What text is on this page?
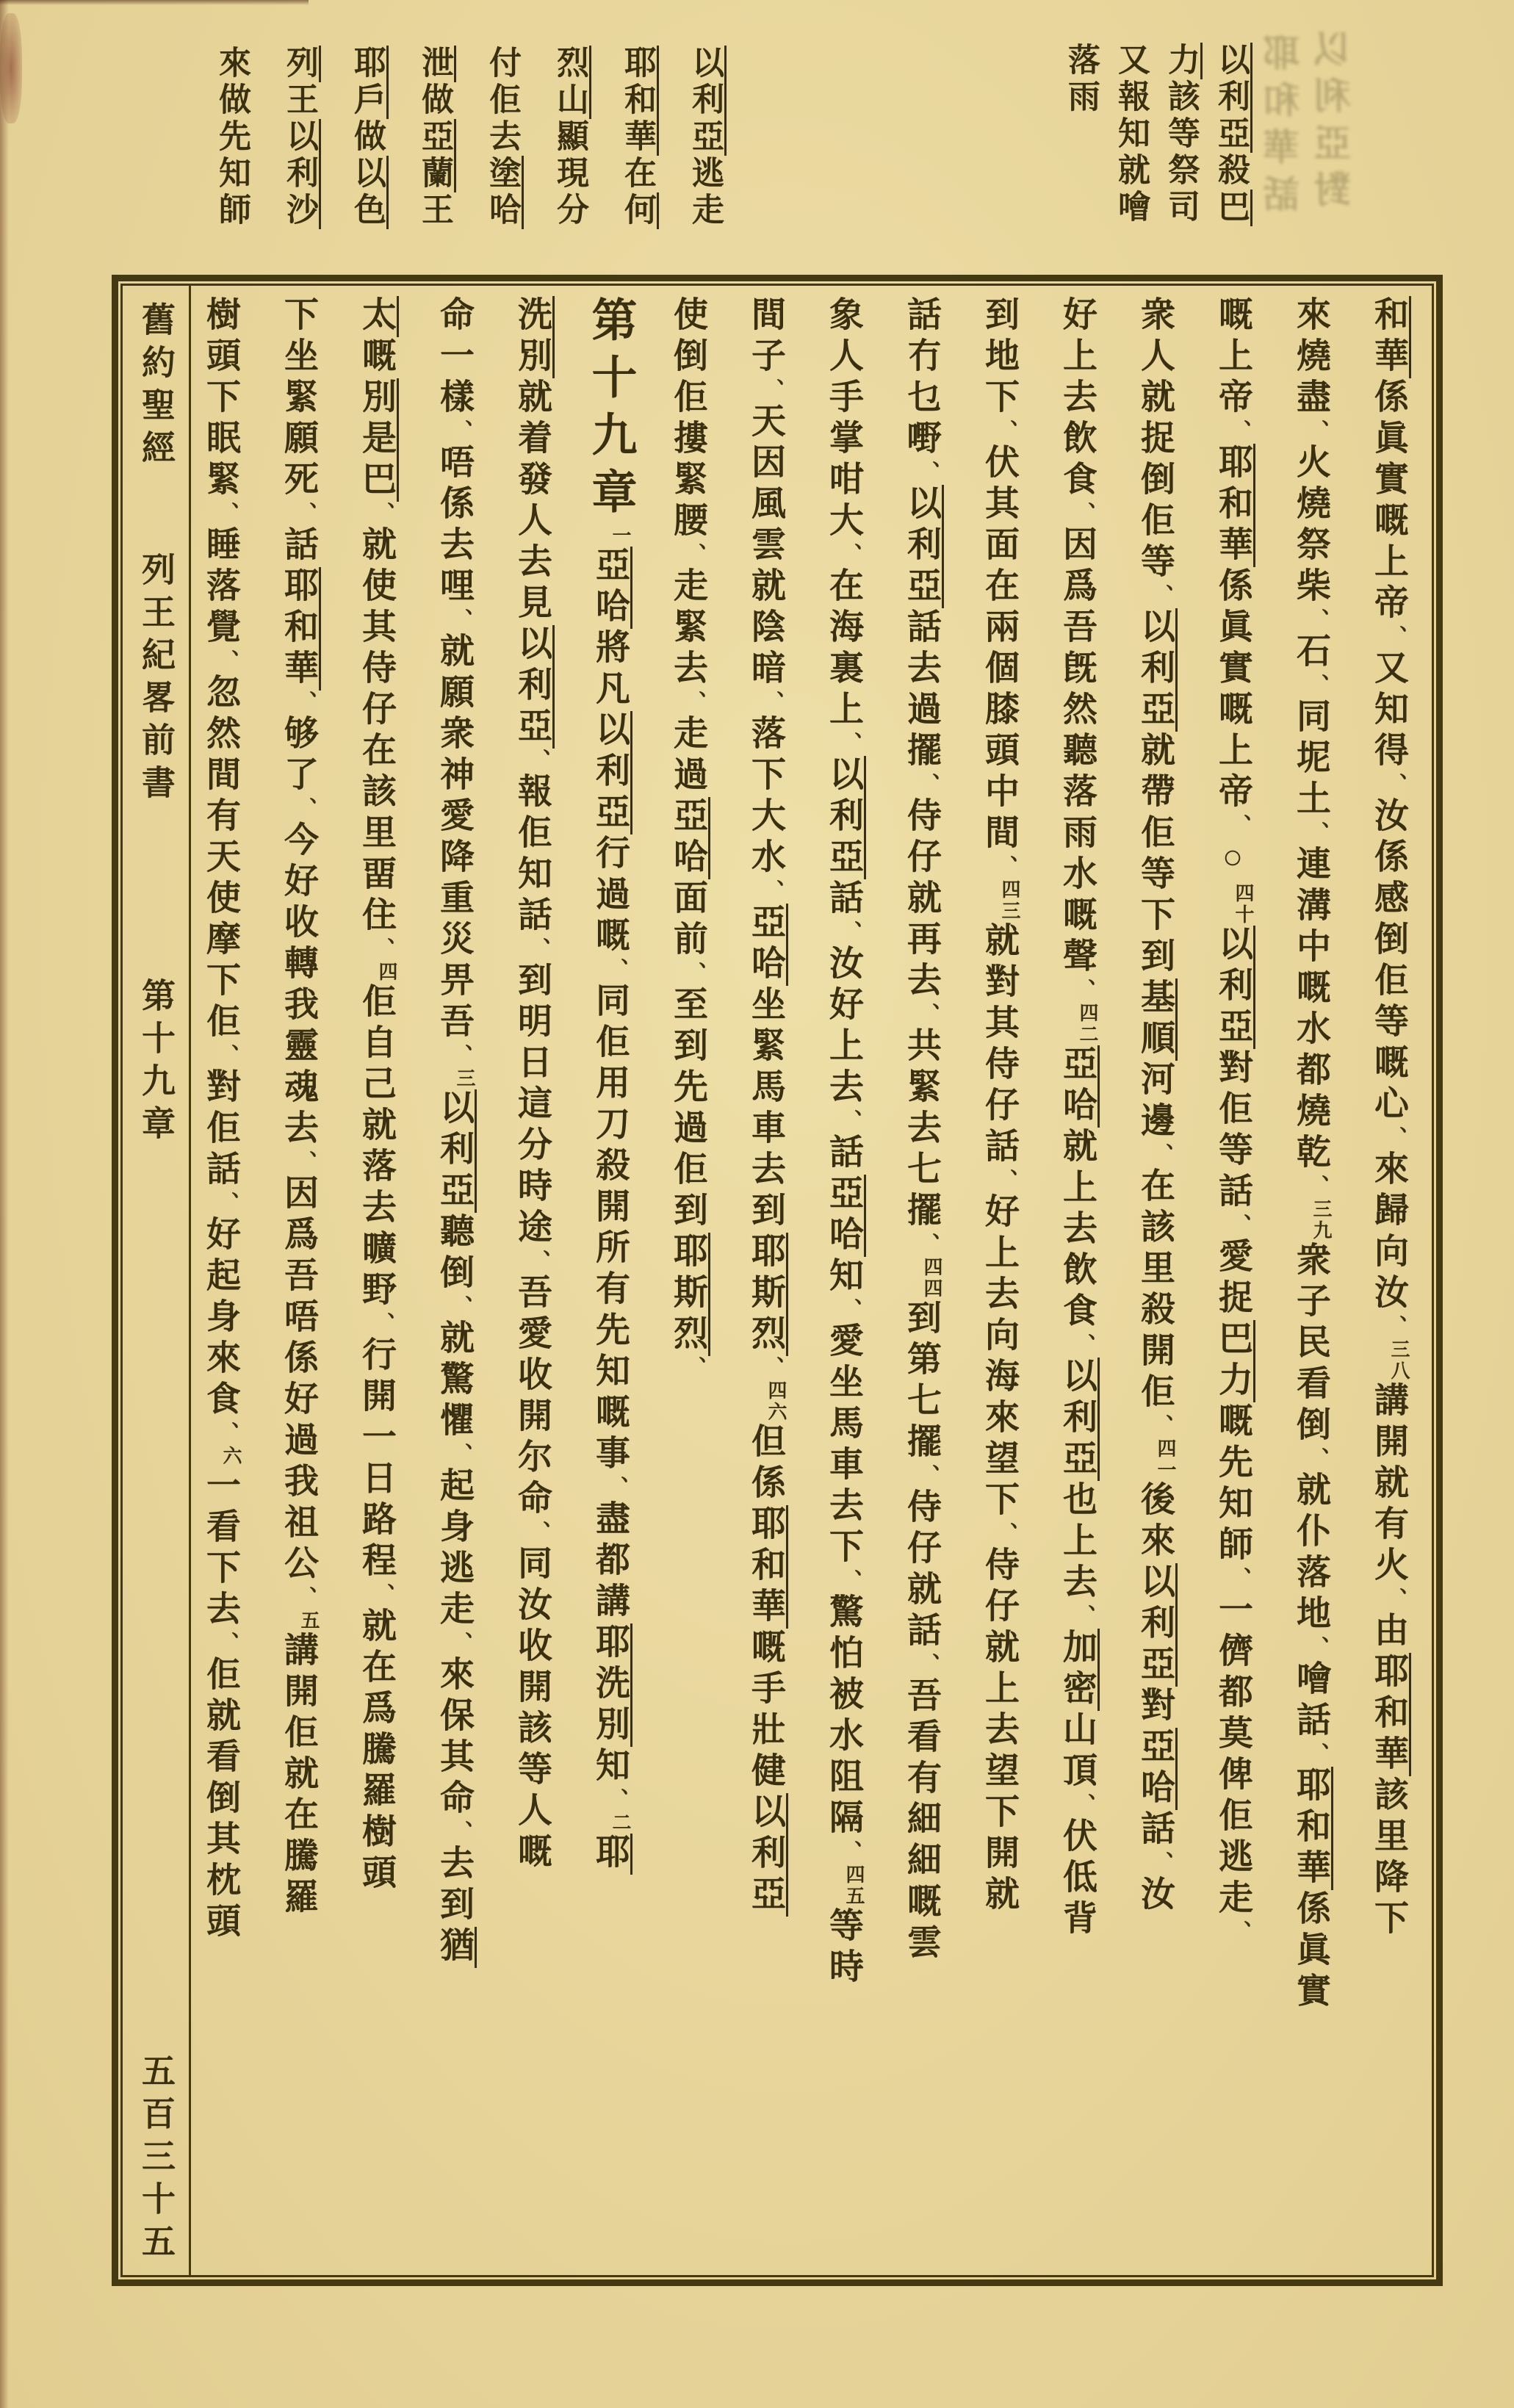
以利亞殺巴
力該等祭司
又報知就噲
落雨
以利亞逃走
耶和華在何
烈山顯現分
付佢去塗哈
泄做亞蘭王
耶戶做以色
列王以利沙
來做先知師	以利亞對
耶和華話
和華係眞實嘅上帝、又知得、汝係感倒佢等嘅心、來歸向汝、三八講開就有火、由耶和華該里降下
來燒盡、火燒祭柴、石、同坭土、連溝中嘅水都燒乾、三九衆子民看倒、就仆落地、噲話、耶和華係眞實
嘅上帝、耶和華係眞實嘅上帝、○四十以利亞對佢等話、愛捉巴力嘅先知師、一儕都莫俾佢逃走、
衆人就捉倒佢等、以利亞就帶佢等下到基順河邊、在該里殺開佢、四一後來以利亞對亞哈話、汝
好上去飲食、因爲吾旣然聽落雨水嘅聲、四二亞哈就上去飲食、以利亞也上去、加密山頂、伏低背
到地下、伏其面在兩個膝頭中間、四三就對其侍仔話、好上去向海來望下、侍仔就上去望下開就
話冇乜嘢、以利亞話去過擺、侍仔就再去、共緊去七擺、四四到第七擺、侍仔就話、吾看有細細嘅雲
象人手掌咁大、在海裏上、以利亞話、汝好上去、話亞哈知、愛坐馬車去下、驚怕被水阻隔、四五等時
間子、天因風雲就陰暗、落下大水、亞哈坐緊馬車去到耶斯烈、四六但係耶和華嘅手壯健以利亞
使倒佢摟緊腰、走緊去、走過亞哈面前、至到先過佢到耶斯烈、
第十九章一亞哈將凡以利亞行過嘅、同佢用刀殺開所有先知嘅事、盡都講耶洗別知、二耶
洗別就着發人去見以利亞、報佢知話、到明日這分時途、吾愛收開尔命、同汝收開該等人嘅
命一樣、唔係去哩、就願衆神愛降重災畀吾、三以利亞聽倒、就驚懼、起身逃走、來保其命、去到猶
太嘅別是巴、就使其侍仔在該里畱住、四佢自己就落去曠野、行開一日路程、就在爲騰羅樹頭
下坐緊願死、話耶和華、够了、今好收轉我靈魂去、因爲吾唔係好過我祖公、五講開佢就在騰羅
樹頭下眠緊、睡落覺、忽然間有天使摩下佢、對佢話、好起身來食、六一看下去、佢就看倒其枕頭
舊約聖經
列王紀畧前書
第十九章
五百三十五
